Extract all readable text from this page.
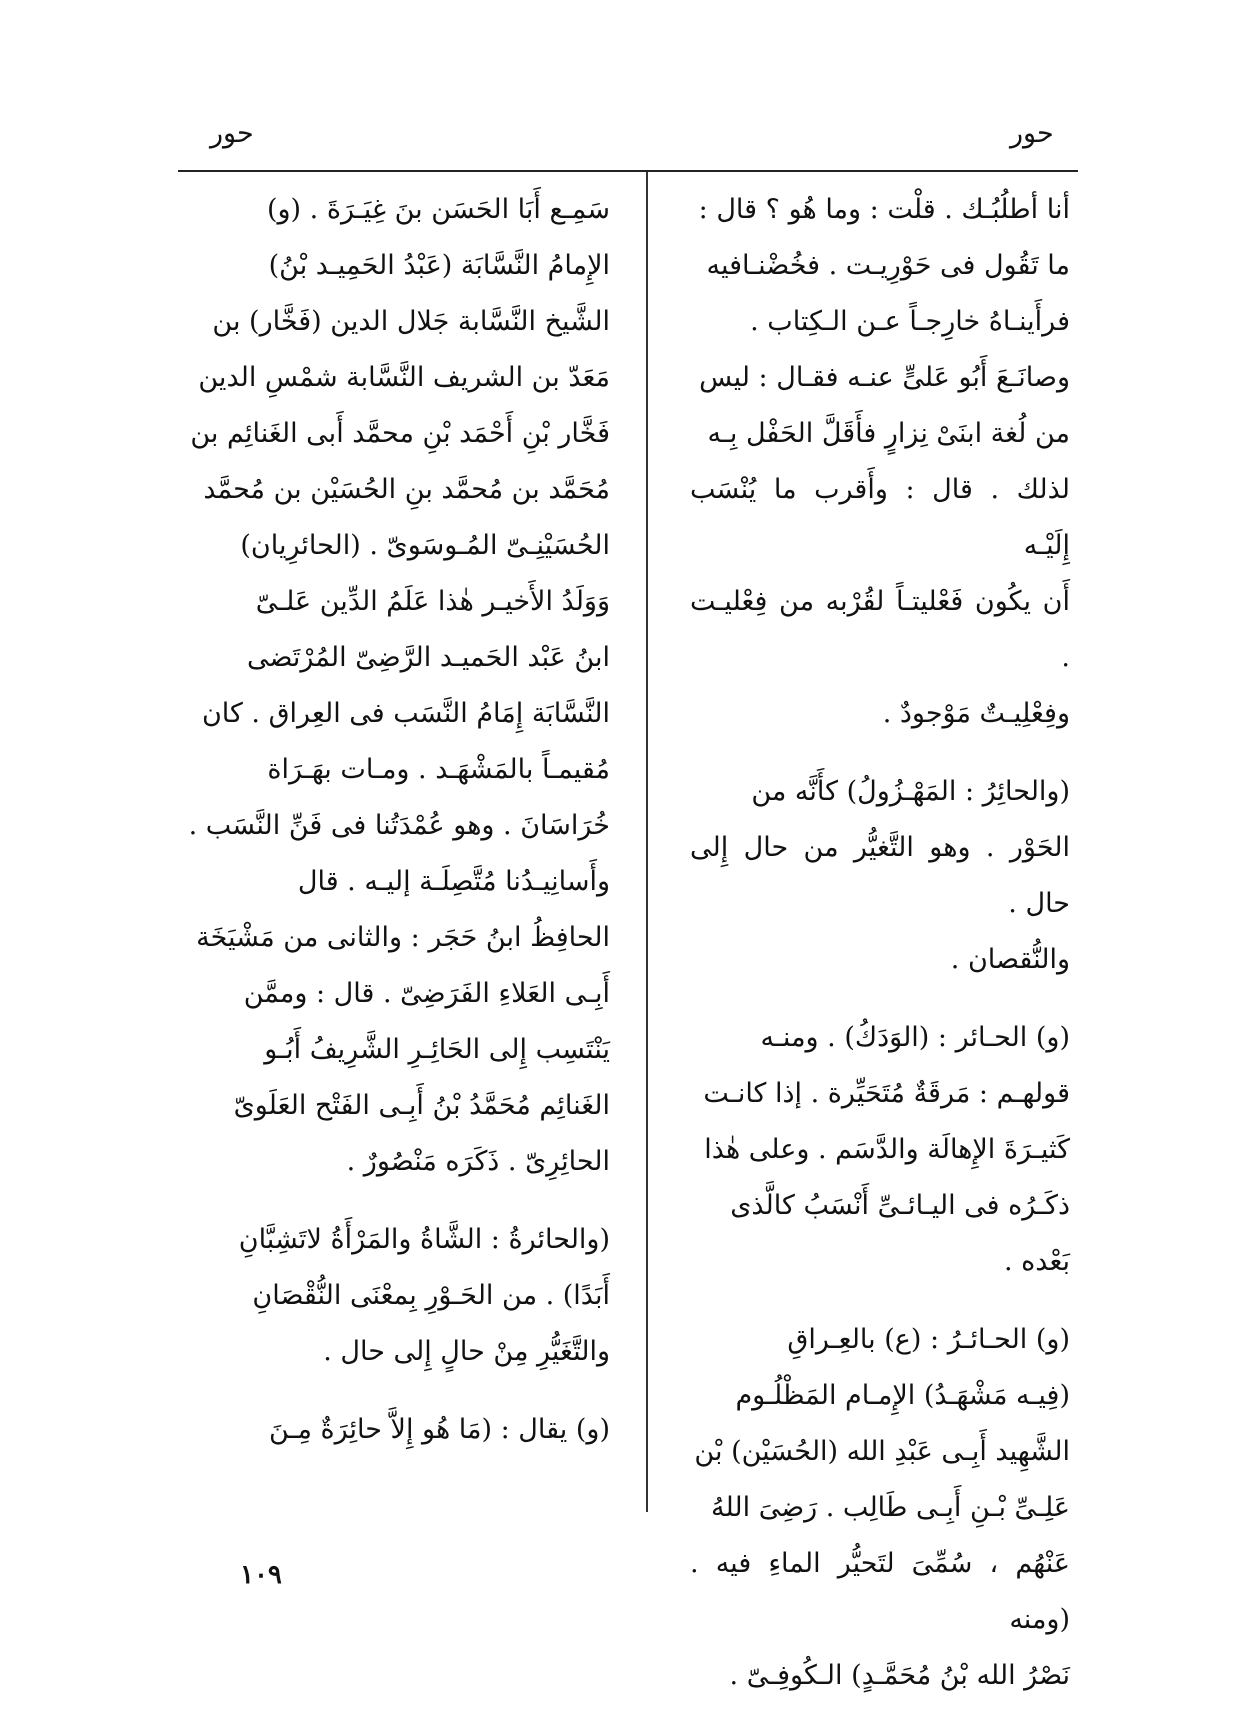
حور
حور

أنا أطلُبُـك . قلْت : وما هُو ؟ قال :
ما تَقُول فى حَوْرِيـت . فخُضْنـافيه
فرأَينـاهُ خارِجـاً عـن الـكِتاب .
وصانَـعَ أَبُو عَلىٍّ عنـه فقـال : ليس
من لُغة ابنَىْ نِزارٍ فأَقَلَّ الحَفْل بِـه
لذلك . قال : وأَقرب ما يُنْسَب إِلَيْـه
أَن يكُون فَعْليتـاً لقُرْبه من فِعْليـت .
وفِعْلِيـتٌ مَوْجودٌ .

(والحائِرُ : المَهْـزُولُ) كأَنَّه من
الحَوْر . وهو التَّغيُّر من حال إِلى حال .
والنُّقصان .

(و) الحـائر : (الوَدَكُ) . ومنـه
قولهـم : مَرقَةٌ مُتَحَيِّرة . إذا كانـت
كَثيـرَةَ الإِهالَة والدَّسَم . وعلى هٰذا
ذكَـرُه فى اليـائـىِّ أَنْسَبُ كالَّذى
بَعْده .

(و) الحـائـرُ : (ع) بالعِـراقِ
(فِيـه مَشْهَـدُ) الإِمـام المَظْلُـوم
الشَّهِيد أَبِـى عَبْدِ الله (الحُسَيْن) بْن
عَلِـىِّ بْـنِ أَبِـى طَالِب . رَضِىَ اللهُ
عَنْهُم ، سُمِّىَ لتَحيُّر الماءِ فيه . (ومنه
نَصْرُ الله بْنُ مُحَمَّـدٍ) الـكُوفِـىّ .

سَمِـع أَبَا الحَسَن بنَ غِيَـرَةَ . (و)
الإِمامُ النَّسَّابَة (عَبْدُ الحَمِيـد بْنُ)
الشَّيخ النَّسَّابة جَلال الدين (فَخَّار) بن
مَعَدّ بن الشريف النَّسَّابة شمْسِ الدين
فَخَّار بْنِ أَحْمَد بْنِ محمَّد أَبى الغَنائِم بن
مُحَمَّد بن مُحمَّد بنِ الحُسَيْن بن مُحمَّد
الحُسَيْنِـىّ المُـوسَوىّ . (الحائرِيان)
وَوَلَدُ الأَخيـر هٰذا عَلَمُ الدِّين عَلـىّ
ابنُ عَبْد الحَميـد الرَّضِىّ المُرْتَضى
النَّسَّابَة إِمَامُ النَّسَب فى العِراق . كان
مُقيمـاً بالمَشْهَـد . ومـات بهَـرَاة
خُرَاسَانَ . وهو عُمْدَتُنا فى فَنِّ النَّسَب .
وأَسانِيـدُنا مُتَّصِلَـة إليـه . قال
الحافِظُ ابنُ حَجَر : والثانى من مَشْيَخَة
أَبِـى العَلاءِ الفَرَضِىّ . قال : وممَّن
يَنْتَسِب إِلى الحَائِـرِ الشَّرِيفُ أَبُـو
الغَنائِم مُحَمَّدُ بْنُ أَبِـى الفَتْح العَلَوىّ
الحائِرِىّ . ذَكَرَه مَنْصُورٌ .

(والحائرةُ : الشَّاةُ والمَرْأَةُ لاتَشِبَّانِ
أَبَدًا) . من الحَـوْرِ بِمعْنَى النُّقْصَانِ
والتَّغَيُّرِ مِنْ حالٍ إِلى حال .

(و) يقال : (مَا هُو إِلاَّ حائِرَةٌ مِـنَ

١٠٩
